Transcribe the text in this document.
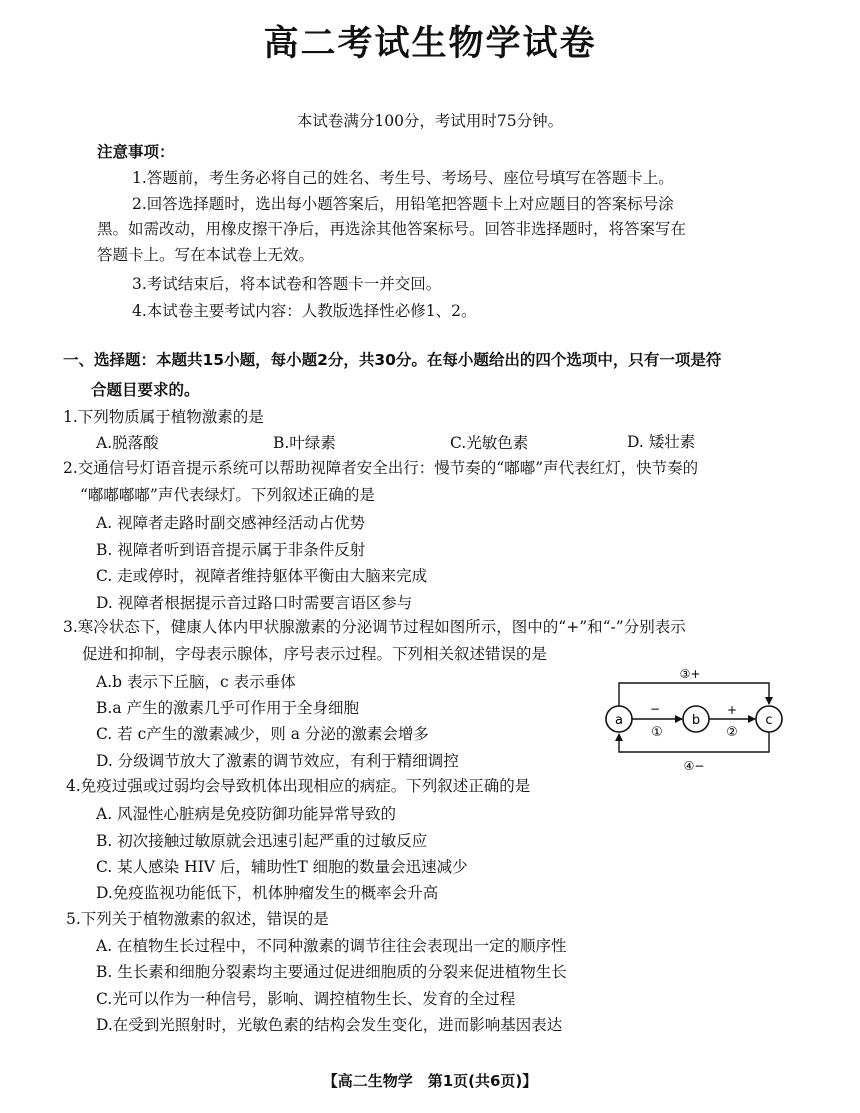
高二考试生物学试卷
本试卷满分100分，考试用时75分钟。
注意事项：
1.答题前，考生务必将自己的姓名、考生号、考场号、座位号填写在答题卡上。
2.回答选择题时，选出每小题答案后，用铅笔把答题卡上对应题目的答案标号涂
黑。如需改动，用橡皮擦干净后，再选涂其他答案标号。回答非选择题时，将答案写在
答题卡上。写在本试卷上无效。
3.考试结束后，将本试卷和答题卡一并交回。
4.本试卷主要考试内容：人教版选择性必修1、2。
一、选择题：本题共15小题，每小题2分，共30分。在每小题给出的四个选项中，只有一项是符
合题目要求的。
1.下列物质属于植物激素的是
A.脱落酸	B.叶绿素	C.光敏色素	D. 矮壮素
2.交通信号灯语音提示系统可以帮助视障者安全出行：慢节奏的“嘟嘟”声代表红灯，快节奏的
“嘟嘟嘟嘟”声代表绿灯。下列叙述正确的是
A. 视障者走路时副交感神经活动占优势
B. 视障者听到语音提示属于非条件反射
C. 走或停时，视障者维持躯体平衡由大脑来完成
D. 视障者根据提示音过路口时需要言语区参与
3.寒冷状态下，健康人体内甲状腺激素的分泌调节过程如图所示，图中的“+”和“-”分别表示
促进和抑制，字母表示腺体，序号表示过程。下列相关叙述错误的是
A.b 表示下丘脑，c 表示垂体
B.a 产生的激素几乎可作用于全身细胞
C. 若 c产生的激素减少，则 a 分泌的激素会增多
D. 分级调节放大了激素的调节效应，有利于精细调控
a	b	c
−
①
+
②
③+
④−
4.免疫过强或过弱均会导致机体出现相应的病症。下列叙述正确的是
A. 风湿性心脏病是免疫防御功能异常导致的
B. 初次接触过敏原就会迅速引起严重的过敏反应
C. 某人感染 HIV 后，辅助性T 细胞的数量会迅速减少
D.免疫监视功能低下，机体肿瘤发生的概率会升高
5.下列关于植物激素的叙述，错误的是
A. 在植物生长过程中，不同种激素的调节往往会表现出一定的顺序性
B. 生长素和细胞分裂素均主要通过促进细胞质的分裂来促进植物生长
C.光可以作为一种信号，影响、调控植物生长、发育的全过程
D.在受到光照射时，光敏色素的结构会发生变化，进而影响基因表达
【高二生物学　第1页(共6页)】
